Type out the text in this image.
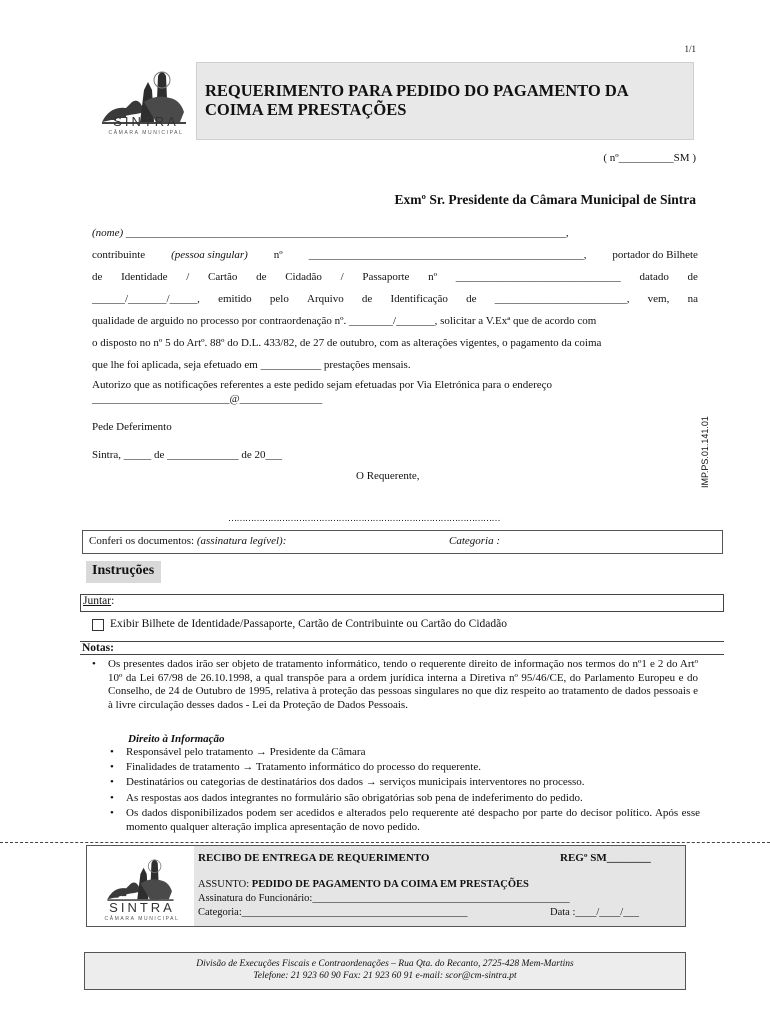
1/1
SINTRA
CÂMARA MUNICIPAL
REQUERIMENTO PARA PEDIDO DO PAGAMENTO DA
COIMA EM PRESTAÇÕES
( nº__________SM )
Exmº Sr. Presidente da Câmara Municipal de Sintra
(nome) ________________________________________________________________________________,
contribuinte (pessoa singular) nº __________________________________________________, portador do Bilhete
de Identidade / Cartão de Cidadão / Passaporte nº ______________________________ datado de
______/_______/_____, emitido pelo Arquivo de Identificação de ________________________, vem, na
qualidade de arguido no processo por contraordenação nº. ________/_______, solicitar a V.Exª que de acordo com
o disposto no nº 5 do Artº. 88º do D.L. 433/82, de 27 de outubro, com as alterações vigentes, o pagamento da coima
que lhe foi aplicada, seja efetuado em ___________ prestações mensais.
Autorizo que as notificações referentes a este pedido sejam efetuadas por Via Eletrónica para o endereço
_________________________@_______________
Pede Deferimento
Sintra, _____ de _____________ de 20___
O Requerente,
……………………………………………………………………………………
IMP.PS.01.141.01
Conferi os documentos: (assinatura legível):	Categoria :
Instruções
Juntar:
Exibir Bilhete de Identidade/Passaporte, Cartão de Contribuinte ou Cartão do Cidadão
Notas:
•	Os presentes dados irão ser objeto de tratamento informático, tendo o requerente direito de informação nos termos do nº1 e 2 do Artº 10º da Lei 67/98 de 26.10.1998, a qual transpõe para a ordem jurídica interna a Diretiva nº 95/46/CE, do Parlamento Europeu e do Conselho, de 24 de Outubro de 1995, relativa à proteção das pessoas singulares no que diz respeito ao tratamento de dados pessoais e à livre circulação desses dados - Lei da Proteção de Dados Pessoais.
Direito à Informação
•	Responsável pelo tratamento → Presidente da Câmara
•	Finalidades de tratamento → Tratamento informático do processo do requerente.
•	Destinatários ou categorias de destinatários dos dados → serviços municipais interventores no processo.
•	As respostas aos dados integrantes no formulário são obrigatórias sob pena de indeferimento do pedido.
•	Os dados disponibilizados podem ser acedidos e alterados pelo requerente até despacho por parte do decisor político. Após esse momento qualquer alteração implica apresentação de novo pedido.
SINTRA
CÂMARA MUNICIPAL
RECIBO DE ENTREGA DE REQUERIMENTO	REGº SM________
ASSUNTO: PEDIDO DE PAGAMENTO DA COIMA EM PRESTAÇÕES
Assinatura do Funcionário:_________________________________________________
Categoria:___________________________________________	Data :____/____/___
Divisão de Execuções Fiscais e Contraordenações – Rua Qta. do Recanto, 2725-428 Mem-Martins
Telefone: 21 923 60 90 Fax: 21 923 60 91 e-mail: scor@cm-sintra.pt
